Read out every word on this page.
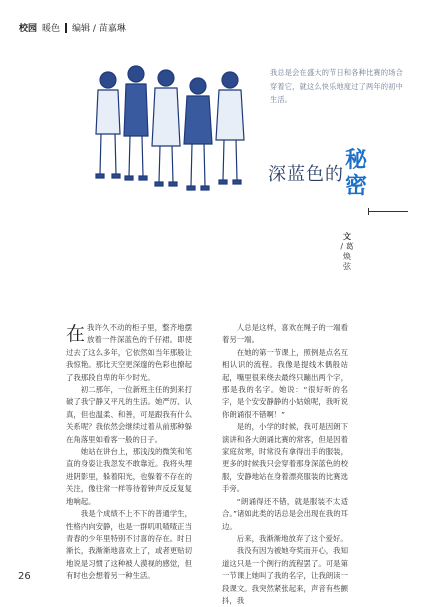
校园 暖色 编辑 / 苗嘉琳
我总是会在盛大的节日和各种比赛的场合穿着它，就这么快乐地度过了两年的初中生活。
深蓝色的
秘密
文
/ 葛焕弦

在我许久不动的柜子里，整齐地摆放着一件深蓝色的千仔裙。即使过去了这么多年，它依然如当年那般让我惊艳。那比天空更深邃的色彩也撩起了我那段自卑的年少时光。

初二那年，一位新班主任的到来打破了我宁静又平凡的生活。她严厉、认真，但也温柔、和善，可是跟我有什么关系呢？我依然会继续过着从前那种躲在角落里如看客一般的日子。

她站在讲台上，那浅浅的微笑和笔直的身姿让我忽发不敢靠近。我将头埋进阴影里，躲着阳光，也躲着不存在的关注，像往常一样等待着钟声反反复复地响起。

我是个成绩不上不下的普通学生，性格内向安静，也是一群叽叽喳喳正当青春的少年里特别不讨喜的存在。时日渐长，我渐渐地喜欢上了，或者更贴切地说是习惯了这种被人漠视的感觉，但有时也会想着另一种生活。

人总是这样，喜欢在绳子的一端看着另一端。

在她的第一节课上，照例是点名互相认识的流程。我像是提线木偶般站起，嘴里很来绕去最终只蹦出两个字，那是我的名字。她说：“很好听的名字，是个安安静静的小姑娘呢，我听说你朗诵很不错啊！”

是的，小学的时候，我可是因朗下演讲和各大朗诵比赛的常客，但是因着家庭贫寒，时常没有拿得出手的服装，更多的时候我只会穿着那身深蓝色的校服，安静地站在身着漂亮服装的比赛选手旁。

“朗诵得还不错，就是服装不太适合。”诸如此类的话总是会出现在我的耳边。

后来，我渐渐地放弃了这个爱好。

我没有因为被她夸奖而开心，我知道这只是一个例行的流程罢了。可是第一节课上她叫了我的名字，让我朗读一段课文。我突然紧张起来，声音有些颤抖，我

26
